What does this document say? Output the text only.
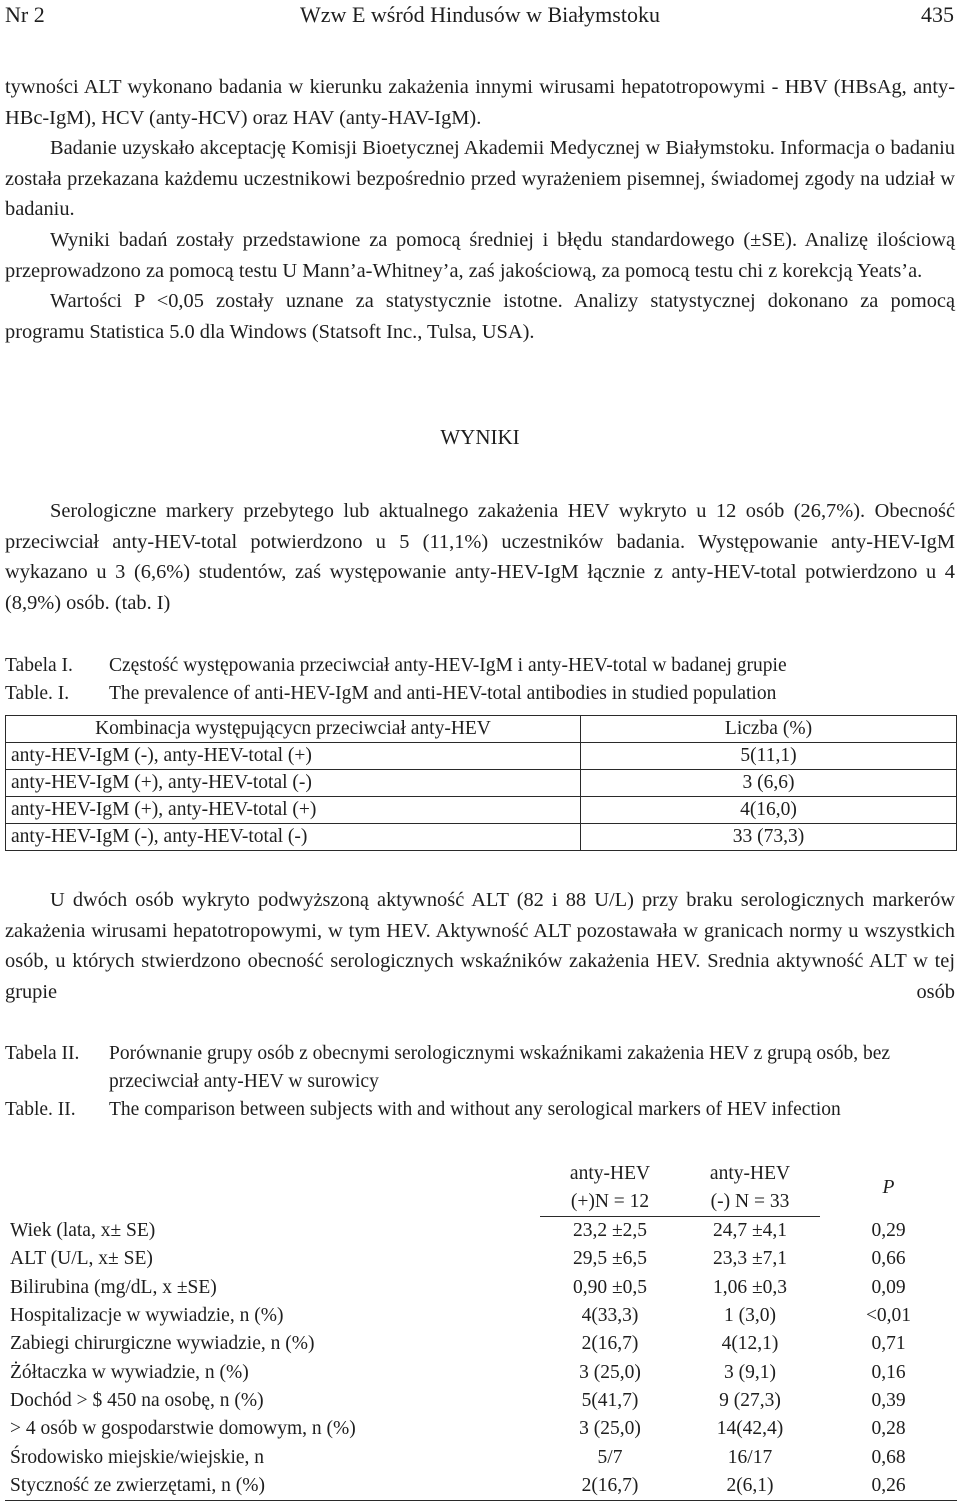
Nr 2	Wzw E wśród Hindusów w Białymstoku	435

tywności ALT wykonano badania w kierunku zakażenia innymi wirusami hepatotropowymi - HBV (HBsAg, anty-HBc-IgM), HCV (anty-HCV) oraz HAV (anty-HAV-IgM).

Badanie uzyskało akceptację Komisji Bioetycznej Akademii Medycznej w Białymstoku. Informacja o badaniu została przekazana każdemu uczestnikowi bezpośrednio przed wyrażeniem pisemnej, świadomej zgody na udział w badaniu.

Wyniki badań zostały przedstawione za pomocą średniej i błędu standardowego (±SE). Analizę ilościową przeprowadzono za pomocą testu U Mann’a-Whitney’a, zaś jakościową, za pomocą testu chi z korekcją Yeats’a.

Wartości P <0,05 zostały uznane za statystycznie istotne. Analizy statystycznej dokonano za pomocą programu Statistica 5.0 dla Windows (Statsoft Inc., Tulsa, USA).

WYNIKI

Serologiczne markery przebytego lub aktualnego zakażenia HEV wykryto u 12 osób (26,7%). Obecność przeciwciał anty-HEV-total potwierdzono u 5 (11,1%) uczestników badania. Występowanie anty-HEV-IgM wykazano u 3 (6,6%) studentów, zaś występowanie anty-HEV-IgM łącznie z anty-HEV-total potwierdzono u 4 (8,9%) osób. (tab. I)

Tabela I.	Częstość występowania przeciwciał anty-HEV-IgM i anty-HEV-total w badanej grupie
Table. I.	The prevalence of anti-HEV-IgM and anti-HEV-total antibodies in studied population
Kombinacja występującycn przeciwciał anty-HEV	Liczba (%)
anty-HEV-IgM (-), anty-HEV-total (+)	5(11,1)
anty-HEV-IgM (+), anty-HEV-total (-)	3 (6,6)
anty-HEV-IgM (+), anty-HEV-total (+)	4(16,0)
anty-HEV-IgM (-), anty-HEV-total (-)	33 (73,3)

U dwóch osób wykryto podwyższoną aktywność ALT (82 i 88 U/L) przy braku serologicznych markerów zakażenia wirusami hepatotropowymi, w tym HEV. Aktywność ALT pozostawała w granicach normy u wszystkich osób, u których stwierdzono obecność serologicznych wskaźników zakażenia HEV. Srednia aktywność ALT w tej grupie osób

Tabela II.	Porównanie grupy osób z obecnymi serologicznymi wskaźnikami zakażenia HEV z grupą osób, bez przeciwciał anty-HEV w surowicy
Table. II.	The comparison between subjects with and without any serological markers of HEV infection
	anty-HEV	anty-HEV	P
	(+)N = 12	(-) N = 33	
Wiek (lata, x± SE)	23,2 ±2,5	24,7 ±4,1	0,29
ALT (U/L, x± SE)	29,5 ±6,5	23,3 ±7,1	0,66
Bilirubina (mg/dL, x ±SE)	0,90 ±0,5	1,06 ±0,3	0,09
Hospitalizacje w wywiadzie, n (%)	4(33,3)	1 (3,0)	<0,01
Zabiegi chirurgiczne wywiadzie, n (%)	2(16,7)	4(12,1)	0,71
Żółtaczka w wywiadzie, n (%)	3 (25,0)	3 (9,1)	0,16
Dochód > $ 450 na osobę, n (%)	5(41,7)	9 (27,3)	0,39
> 4 osób w gospodarstwie domowym, n (%)	3 (25,0)	14(42,4)	0,28
Środowisko miejskie/wiejskie, n	5/7	16/17	0,68
Styczność ze zwierzętami, n (%)	2(16,7)	2(6,1)	0,26
